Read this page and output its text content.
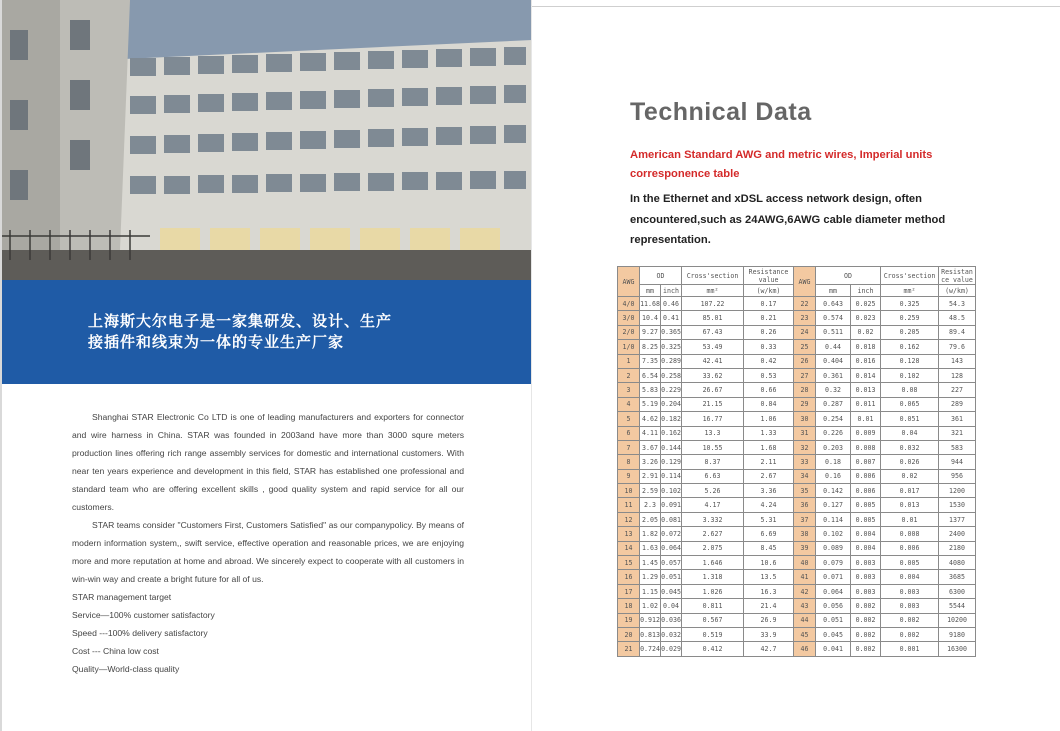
上海斯大尔电子是一家集研发、设计、生产
接插件和线束为一体的专业生产厂家

Shanghai STAR Electronic Co LTD is one of leading manufacturers and exporters for connector and wire harness in China. STAR was founded in 2003and have more than 3000 squre meters production lines offering rich range assembly services for domestic and international customers. With near ten years experience and development in this field, STAR has established one professional and standard team who are offering excellent skills , good quality system and rapid service for all our customers.

STAR teams consider "Customers First, Customers Satisfied" as our companypolicy. By means of modern information system,, swift service, effective operation and reasonable prices, we are enjoying more and more reputation at home and abroad. We sincerely expect to cooperate with all customers in win-win way and create a bright future for all of us.

STAR management target

Service—100% customer satisfactory

Speed ---100% delivery satisfactory

Cost --- China low cost

Quality—World-class quality

Technical Data
American Standard AWG and metric wires, Imperial units corresponence table
In the Ethernet and xDSL access network design, often encountered,such as 24AWG,6AWG cable diameter method representation.
AWG	OD		Cross'section	Resistance value	AWG	OD		Cross'section	Resistan ce value
	mm	inch	mm²	(w/km)		mm	inch	mm²	(w/km)
4/0	11.68	0.46	107.22	0.17	22	0.643	0.025	0.325	54.3
3/0	10.4	0.41	85.01	0.21	23	0.574	0.023	0.259	48.5
2/0	9.27	0.365	67.43	0.26	24	0.511	0.02	0.205	89.4
1/0	8.25	0.325	53.49	0.33	25	0.44	0.018	0.162	79.6
1	7.35	0.289	42.41	0.42	26	0.404	0.016	0.128	143
2	6.54	0.258	33.62	0.53	27	0.361	0.014	0.102	128
3	5.83	0.229	26.67	0.66	28	0.32	0.013	0.08	227
4	5.19	0.204	21.15	0.84	29	0.287	0.011	0.065	289
5	4.62	0.182	16.77	1.06	30	0.254	0.01	0.051	361
6	4.11	0.162	13.3	1.33	31	0.226	0.009	0.04	321
7	3.67	0.144	10.55	1.68	32	0.203	0.008	0.032	583
8	3.26	0.129	8.37	2.11	33	0.18	0.007	0.026	944
9	2.91	0.114	6.63	2.67	34	0.16	0.006	0.02	956
10	2.59	0.102	5.26	3.36	35	0.142	0.006	0.017	1200
11	2.3	0.091	4.17	4.24	36	0.127	0.005	0.013	1530
12	2.05	0.081	3.332	5.31	37	0.114	0.005	0.01	1377
13	1.82	0.072	2.627	6.69	38	0.102	0.004	0.008	2400
14	1.63	0.064	2.075	8.45	39	0.089	0.004	0.006	2180
15	1.45	0.057	1.646	10.6	40	0.079	0.003	0.005	4080
16	1.29	0.051	1.318	13.5	41	0.071	0.003	0.004	3685
17	1.15	0.045	1.026	16.3	42	0.064	0.003	0.003	6300
18	1.02	0.04	0.811	21.4	43	0.056	0.002	0.003	5544
19	0.912	0.036	0.567	26.9	44	0.051	0.002	0.002	10200
20	0.813	0.032	0.519	33.9	45	0.045	0.002	0.002	9180
21	0.724	0.029	0.412	42.7	46	0.041	0.002	0.001	16300
